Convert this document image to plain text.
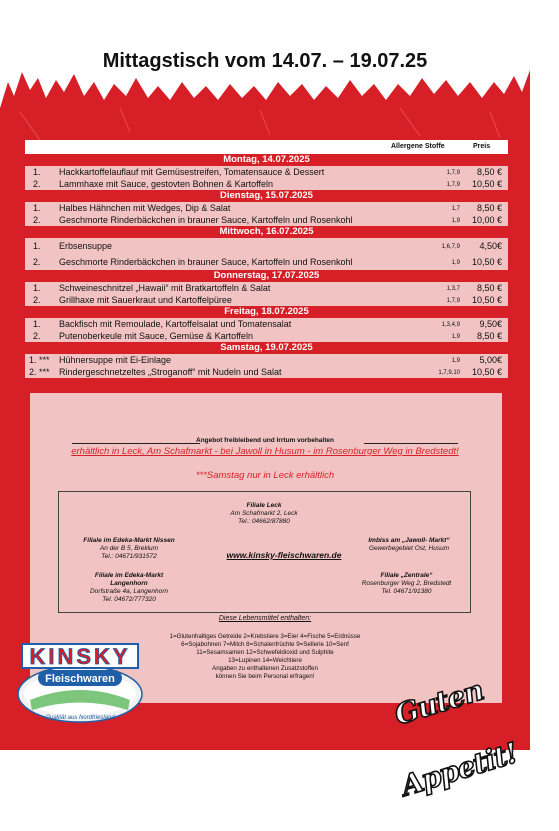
Mittagstisch vom 14.07. – 19.07.25
Allergene Stoffe	Preis
Montag, 14.07.2025
1. Hackkartoffelauflauf mit Gemüsestreifen, Tomatensauce & Dessert	1,7,9 8,50 €
2. Lammhaxe mit Sauce, gestovten Bohnen & Kartoffeln	1,7,9 10,50 €
Dienstag, 15.07.2025
1. Halbes Hähnchen mit Wedges, Dip & Salat	1,7 8,50 €
2. Geschmorte Rinderbäckchen in brauner Sauce, Kartoffeln und Rosenkohl	1,9 10,00 €
Mittwoch, 16.07.2025
1. Erbsensuppe	1,6,7,9 4,50€
2. Geschmorte Rinderbäckchen in brauner Sauce, Kartoffeln und Rosenkohl	1,9 10,50 €
Donnerstag, 17.07.2025
1. Schweineschnitzel „Hawaii“ mit Bratkartoffeln & Salat	1,3,7 8,50 €
2. Grillhaxe mit Sauerkraut und Kartoffelpüree	1,7,9 10,50 €
Freitag, 18.07.2025
1. Backfisch mit Remoulade, Kartoffelsalat und Tomatensalat	1,3,4,9 9,50€
2. Putenoberkeule mit Sauce, Gemüse & Kartoffeln	1,9 8,50 €
Samstag, 19.07.2025
1. *** Hühnersuppe mit Ei-Einlage	1,9 5,00€
2. *** Rindergeschnetzeltes „Stroganoff“ mit Nudeln und Salat	1,7,9,10 10,50 €
Angebot freibleibend und Irrtum vorbehalten
erhältlich in Leck, Am Schafmarkt - bei Jawoll in Husum - im Rosenburger Weg in Bredstedt!
***Samstag nur in Leck erhältlich
Filiale Leck
Am Schafmarkt 2, Leck
Tel.: 04662/87880
Filiale im Edeka-Markt Nissen
An der B 5, Breklum
Tel.: 04671/931572
Imbiss am „Jawoll- Markt“
Gewerbegebiet Ost, Husum
www.kinsky-fleischwaren.de
Filiale im Edeka-Markt
Langenhorn
Dorfstraße 4a, Langenhorn
Tel. 04672/777320
Filiale „Zentrale“
Rosenburger Weg 2, Bredstedt
Tel. 04671/91380
Diese Lebensmittel enthalten:
1=Glutenhaltiges Getreide 2=Krebstiere 3=Eier 4=Fische 5=Erdnüsse
6=Sojabohnen 7=Milch 8=Schalenfrüchte 9=Sellerie 10=Senf
11=Sesamsamen 12=Schwefeldioxid und Sulphite
13=Lupinen 14=Weichtiere
Angaben zu enthaltenen Zusatzstoffen
können Sie beim Personal erfragen!
KINSKY
Fleischwaren
Qualität aus Nordfriesland	Guten Appetit!
